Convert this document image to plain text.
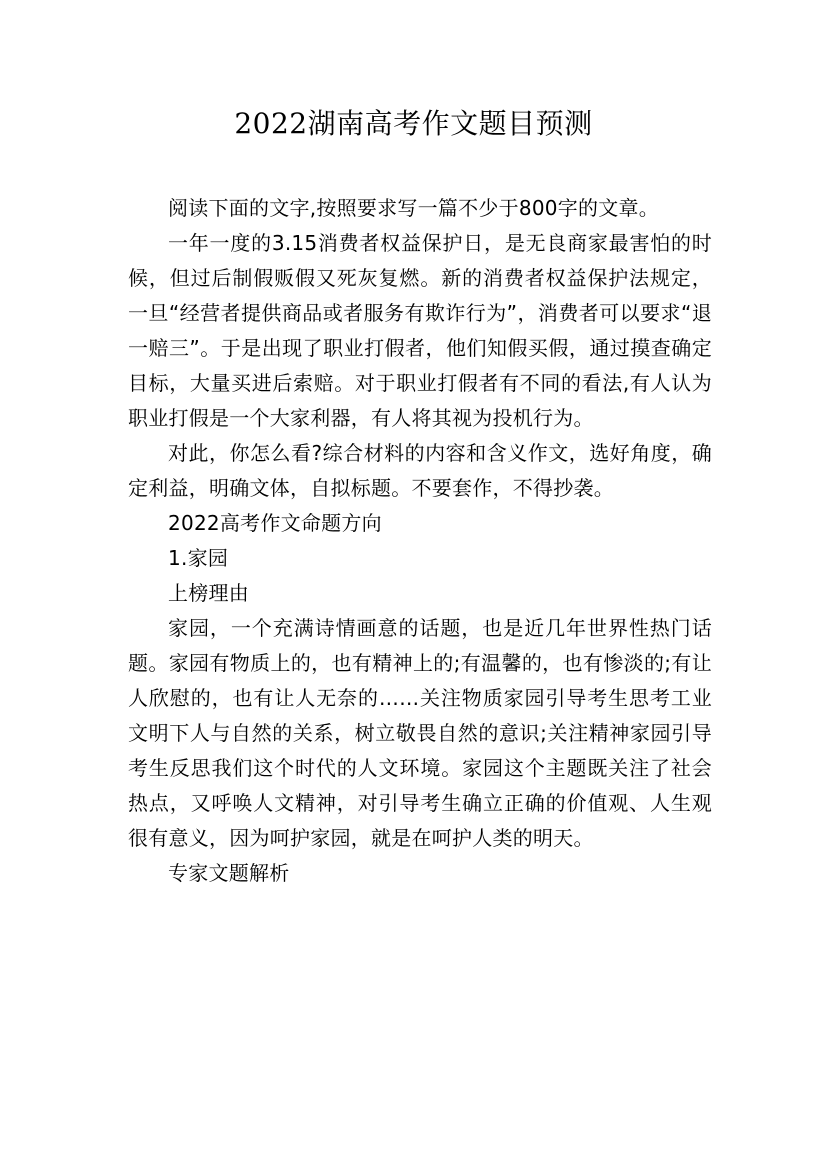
2022湖南高考作文题目预测

阅读下面的文字,按照要求写一篇不少于800字的文章。

一年一度的3.15消费者权益保护日，是无良商家最害怕的时候，但过后制假贩假又死灰复燃。新的消费者权益保护法规定，一旦“经营者提供商品或者服务有欺诈行为”，消费者可以要求“退一赔三”。于是出现了职业打假者，他们知假买假，通过摸查确定目标，大量买进后索赔。对于职业打假者有不同的看法,有人认为职业打假是一个大家利器，有人将其视为投机行为。

对此，你怎么看?综合材料的内容和含义作文，选好角度，确定利益，明确文体，自拟标题。不要套作，不得抄袭。

2022高考作文命题方向

1.家园

上榜理由

家园，一个充满诗情画意的话题，也是近几年世界性热门话题。家园有物质上的，也有精神上的;有温馨的，也有惨淡的;有让人欣慰的，也有让人无奈的……关注物质家园引导考生思考工业文明下人与自然的关系，树立敬畏自然的意识;关注精神家园引导考生反思我们这个时代的人文环境。家园这个主题既关注了社会热点，又呼唤人文精神，对引导考生确立正确的价值观、人生观很有意义，因为呵护家园，就是在呵护人类的明天。

专家文题解析
